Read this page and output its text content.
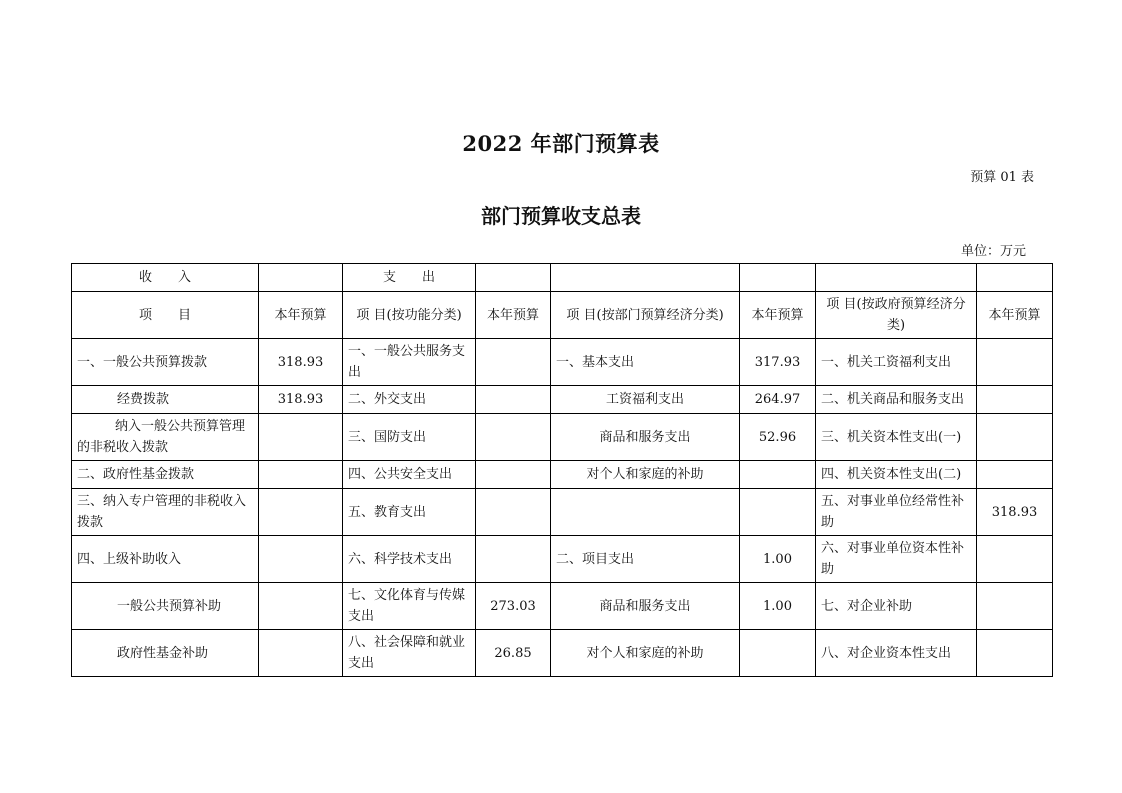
2022 年部门预算表
预算 01 表
部门预算收支总表
单位：万元
收　　入		支　　出					
项　　目	本年预算	项 目(按功能分类)	本年预算	项 目(按部门预算经济分类)	本年预算	项 目(按政府预算经济分类)	本年预算
一、一般公共预算拨款	318.93	一、一般公共服务支出		一、基本支出	317.93	一、机关工资福利支出	
经费拨款	318.93	二、外交支出		工资福利支出	264.97	二、机关商品和服务支出	
纳入一般公共预算管理的非税收入拨款		三、国防支出		商品和服务支出	52.96	三、机关资本性支出(一)	
二、政府性基金拨款		四、公共安全支出		对个人和家庭的补助		四、机关资本性支出(二)	
三、纳入专户管理的非税收入拨款		五、教育支出				五、对事业单位经常性补助	318.93
四、上级补助收入		六、科学技术支出		二、项目支出	1.00	六、对事业单位资本性补助	
一般公共预算补助		七、文化体育与传媒支出	273.03	商品和服务支出	1.00	七、对企业补助	
政府性基金补助		八、社会保障和就业支出	26.85	对个人和家庭的补助		八、对企业资本性支出	
